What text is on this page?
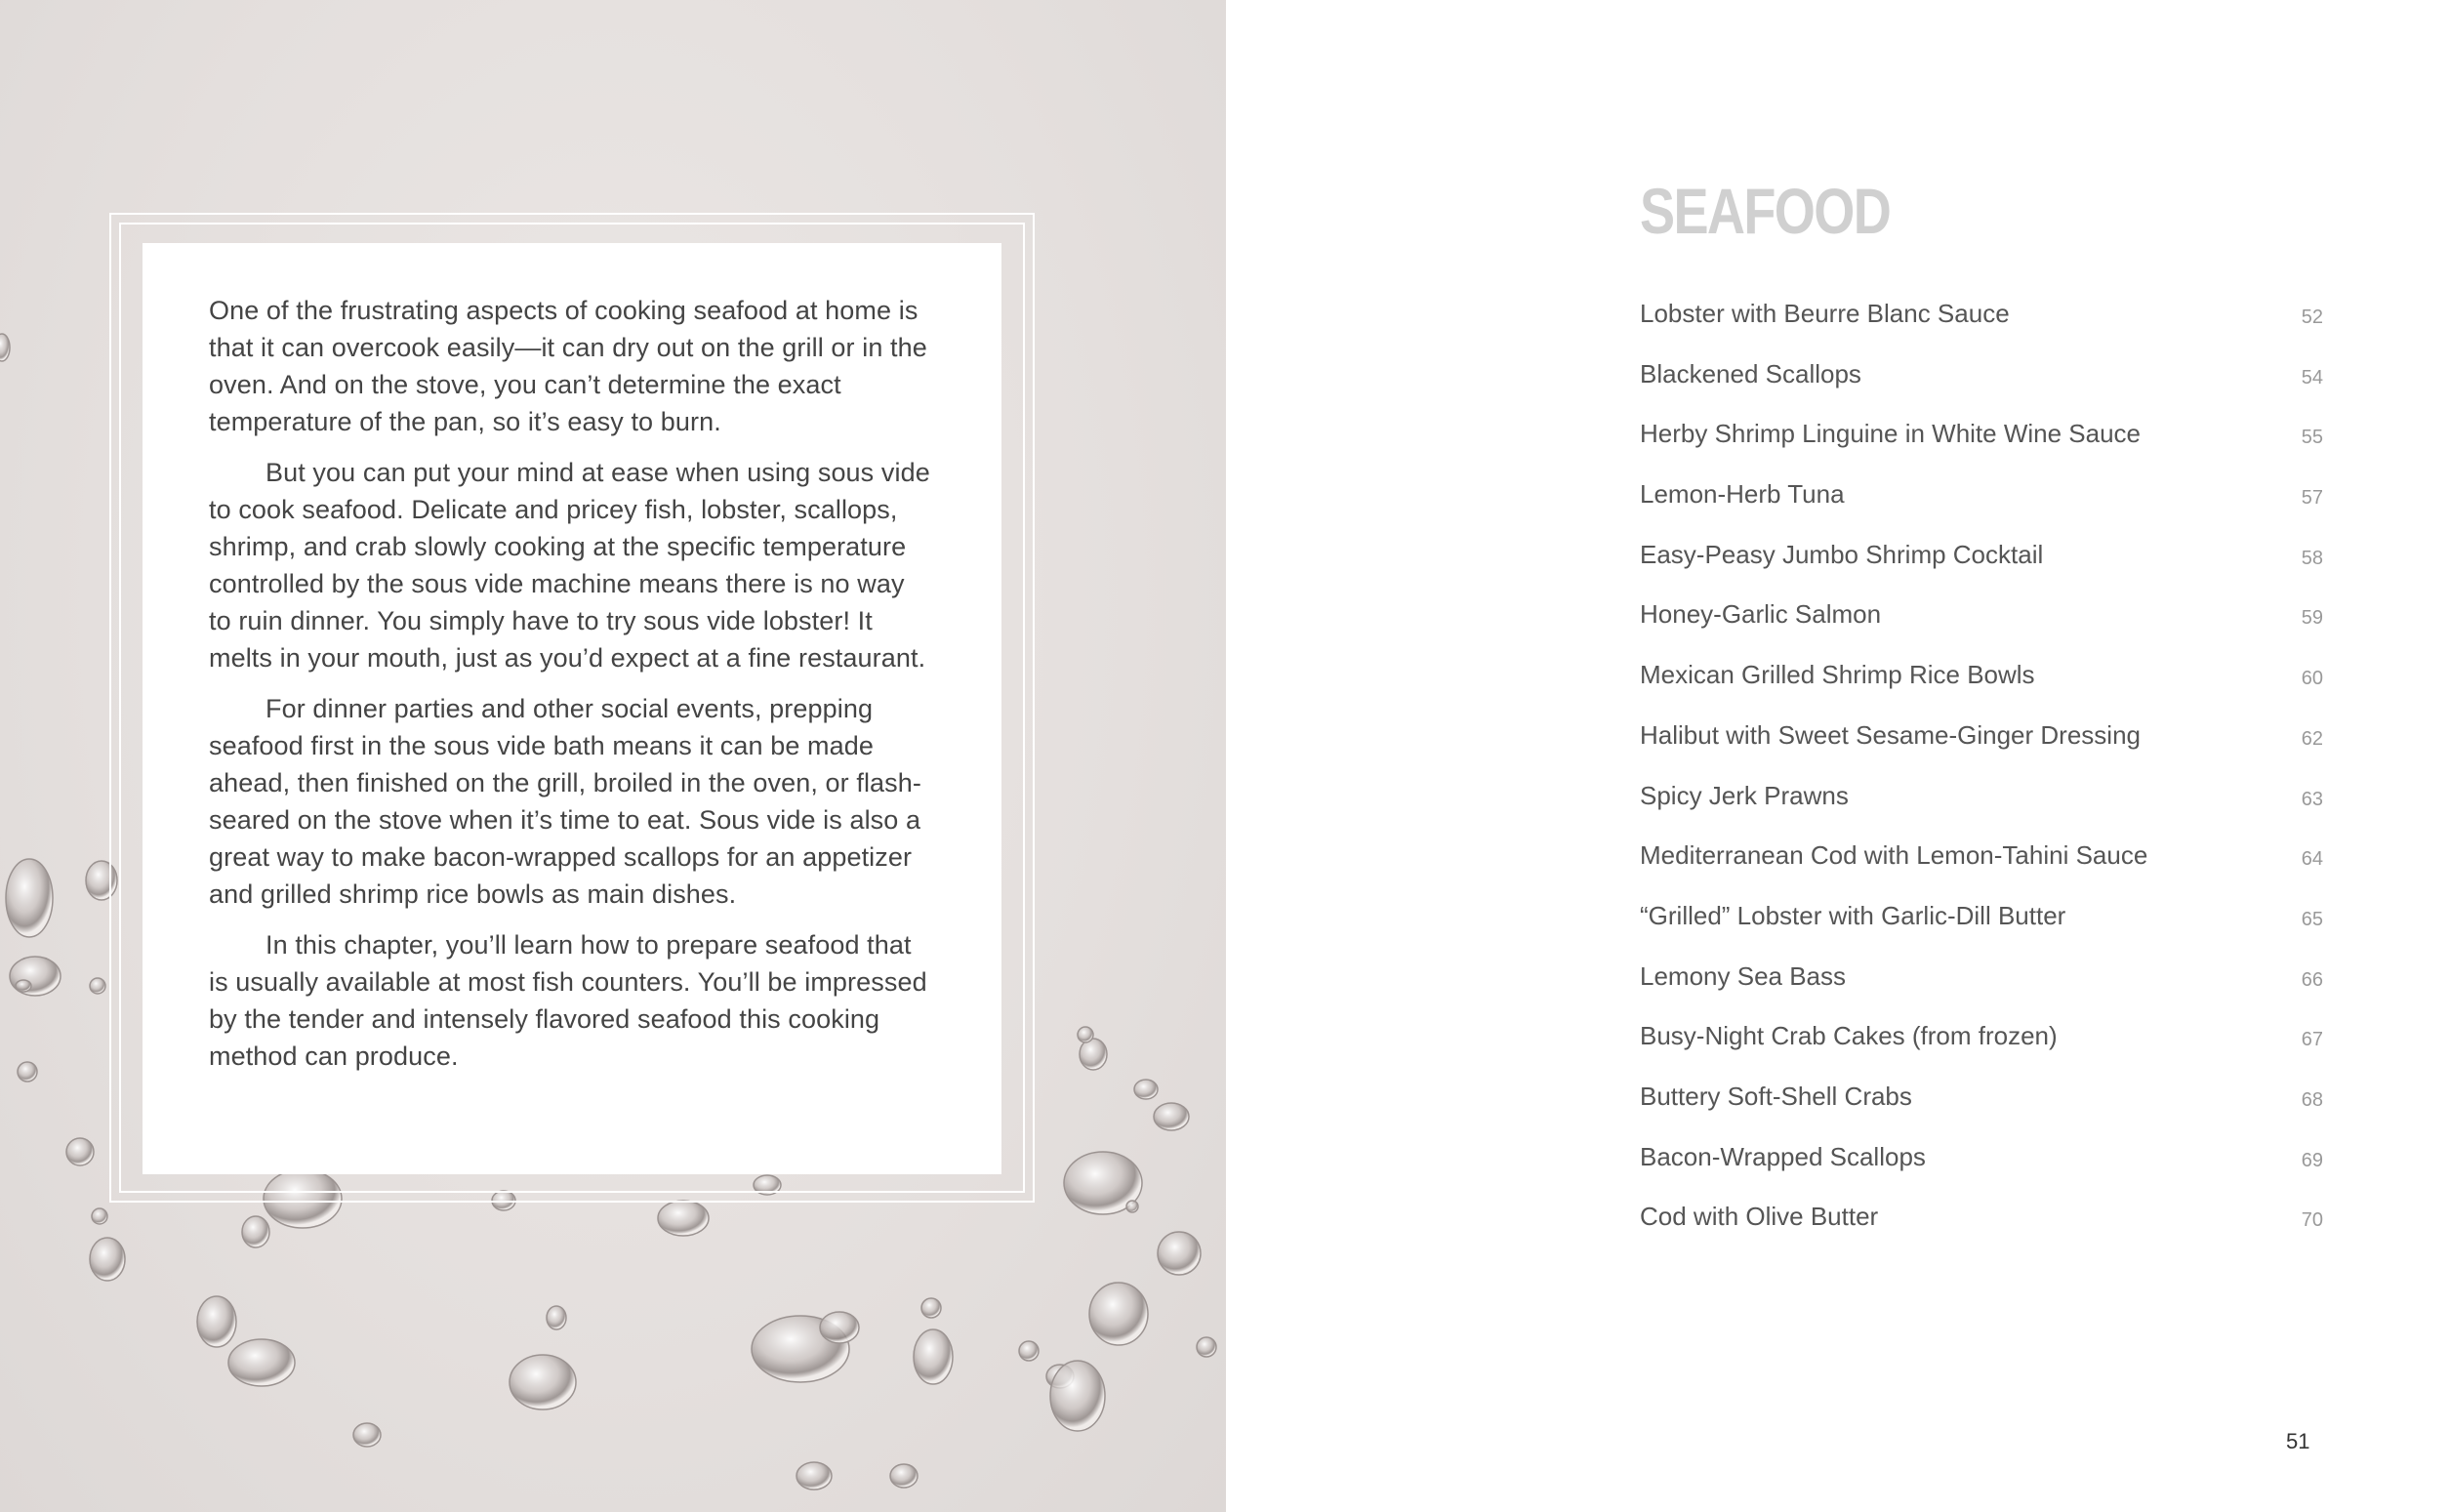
One of the frustrating aspects of cooking seafood at home is that it can overcook easily—it can dry out on the grill or in the oven. And on the stove, you can’t determine the exact temperature of the pan, so it’s easy to burn.

But you can put your mind at ease when using sous vide to cook seafood. Delicate and pricey fish, lobster, scallops, shrimp, and crab slowly cooking at the specific temperature controlled by the sous vide machine means there is no way to ruin dinner. You simply have to try sous vide lobster! It melts in your mouth, just as you’d expect at a fine restaurant.

For dinner parties and other social events, prepping seafood first in the sous vide bath means it can be made ahead, then finished on the grill, broiled in the oven, or flash-seared on the stove when it’s time to eat. Sous vide is also a great way to make bacon-wrapped scallops for an appetizer and grilled shrimp rice bowls as main dishes.

In this chapter, you’ll learn how to prepare seafood that is usually available at most fish counters. You’ll be impressed by the tender and intensely flavored seafood this cooking method can produce.

SEAFOOD
Lobster with Beurre Blanc Sauce	52
Blackened Scallops	54
Herby Shrimp Linguine in White Wine Sauce	55
Lemon-Herb Tuna	57
Easy-Peasy Jumbo Shrimp Cocktail	58
Honey-Garlic Salmon	59
Mexican Grilled Shrimp Rice Bowls	60
Halibut with Sweet Sesame-Ginger Dressing	62
Spicy Jerk Prawns	63
Mediterranean Cod with Lemon-Tahini Sauce	64
“Grilled” Lobster with Garlic-Dill Butter	65
Lemony Sea Bass	66
Busy-Night Crab Cakes (from frozen)	67
Buttery Soft-Shell Crabs	68
Bacon-Wrapped Scallops	69
Cod with Olive Butter	70
51
